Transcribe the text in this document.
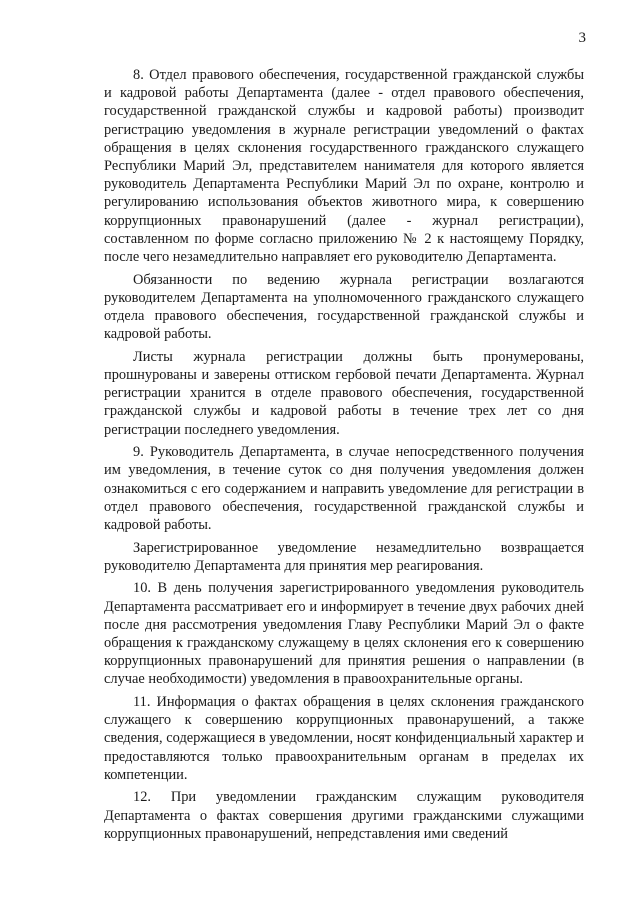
3

8. Отдел правового обеспечения, государственной гражданской службы и кадровой работы Департамента (далее - отдел правового обеспечения, государственной гражданской службы и кадровой работы) производит регистрацию уведомления в журнале регистрации уведомлений о фактах обращения в целях склонения государственного гражданского служащего Республики Марий Эл, представителем нанимателя для которого является руководитель Департамента Республики Марий Эл по охране, контролю и регулированию использования объектов животного мира, к совершению коррупционных правонарушений (далее - журнал регистрации), составленном по форме согласно приложению № 2 к настоящему Порядку, после чего незамедлительно направляет его руководителю Департамента.

Обязанности по ведению журнала регистрации возлагаются руководителем Департамента на уполномоченного гражданского служащего отдела правового обеспечения, государственной гражданской службы и кадровой работы.

Листы журнала регистрации должны быть пронумерованы, прошнурованы и заверены оттиском гербовой печати Департамента. Журнал регистрации хранится в отделе правового обеспечения, государственной гражданской службы и кадровой работы в течение трех лет со дня регистрации последнего уведомления.

9. Руководитель Департамента, в случае непосредственного получения им уведомления, в течение суток со дня получения уведомления должен ознакомиться с его содержанием и направить уведомление для регистрации в отдел правового обеспечения, государственной гражданской службы и кадровой работы.

Зарегистрированное уведомление незамедлительно возвращается руководителю Департамента для принятия мер реагирования.

10. В день получения зарегистрированного уведомления руководитель Департамента рассматривает его и информирует в течение двух рабочих дней после дня рассмотрения уведомления Главу Республики Марий Эл о факте обращения к гражданскому служащему в целях склонения его к совершению коррупционных правонарушений для принятия решения о направлении (в случае необходимости) уведомления в правоохранительные органы.

11. Информация о фактах обращения в целях склонения гражданского служащего к совершению коррупционных правонарушений, а также сведения, содержащиеся в уведомлении, носят конфиденциальный характер и предоставляются только правоохранительным органам в пределах их компетенции.

12. При уведомлении гражданским служащим руководителя Департамента о фактах совершения другими гражданскими служащими коррупционных правонарушений, непредставления ими сведений
